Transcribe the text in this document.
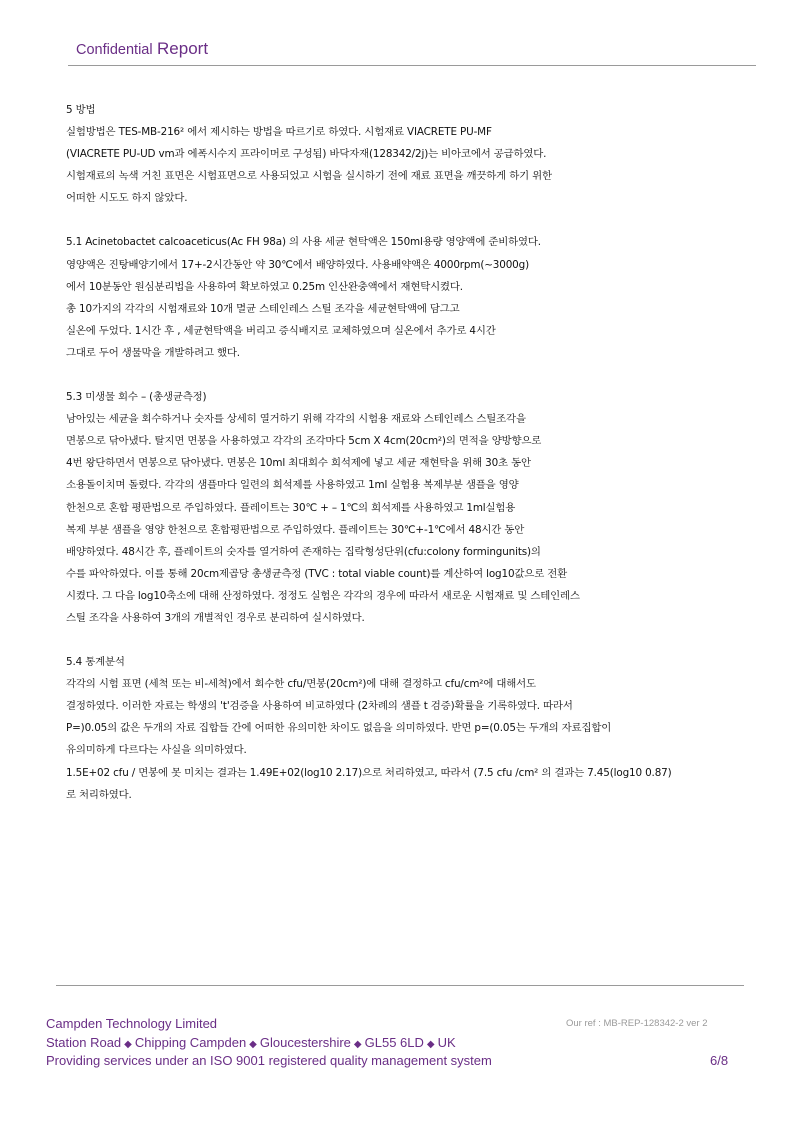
Confidential Report
5 방법
실험방법은 TES-MB-216² 에서 제시하는 방법을 따르기로 하였다. 시험재료 VIACRETE PU-MF
(VIACRETE PU-UD vm과 에폭시수지 프라이머로 구성됨) 바닥자재(128342/2j)는 비아코에서 공급하였다.
시험재료의 녹색 거친 표면은 시험표면으로 사용되었고 시험을 실시하기 전에 재료 표면을 깨끗하게 하기 위한
어떠한 시도도 하지 않았다.
5.1 Acinetobactet calcoaceticus(Ac FH 98a) 의 사용 세균 현탁액은 150ml용량 영양액에 준비하였다.
영양액은 진탕배양기에서 17+-2시간동안 약 30℃에서 배양하였다. 사용배약액은 4000rpm(~3000g)
에서 10분동안 원심분리법을 사용하여 확보하였고 0.25m 인산완충액에서 재현탁시켰다.
총 10가지의 각각의 시험재료와 10개 멸균 스테인레스 스틸 조각을 세균현탁액에 담그고
실온에 두었다. 1시간 후 , 세균현탁액을 버리고 증식배지로 교체하였으며 실온에서 추가로 4시간
그대로 두어 생물막을 개발하려고 했다.
5.3 미생물 회수 – (총생균측정)
남아있는 세균을 회수하거나 숫자를 상세히 열거하기 위해 각각의 시험용 재료와 스테인레스 스틸조각을
면봉으로 닦아냈다. 탈지면 면봉을 사용하였고 각각의 조각마다 5cm X 4cm(20cm²)의 면적을 양방향으로
4번 왕단하면서 면봉으로 닦아냈다. 면봉은 10ml 최대회수 희석제에 넣고 세균 재현탁을 위해 30초 동안
소용돌이치며 돌렸다. 각각의 샘플마다 일련의 희석제를 사용하였고 1ml 실험용 복제부분 샘플을 영양
한천으로 혼합 평판법으로 주입하였다. 플레이트는 30℃ + – 1℃의 희석제를 사용하였고 1ml실험용
복제 부분 샘플을 영양 한천으로 혼합평판법으로 주입하였다. 플레이트는 30℃+-1℃에서 48시간 동안
배양하였다. 48시간 후, 플레이트의 숫자를 열거하여 존재하는 집락형성단위(cfu:colony formingunits)의
수를 파악하였다. 이를 통해 20cm제곱당 총생균측정 (TVC : total viable count)를 계산하여 log10값으로 전환
시켰다. 그 다음 log10축소에 대해 산정하였다. 정정도 실험은 각각의 경우에 따라서 새로운 시험재료 및 스테인레스
스틸 조각을 사용하여 3개의 개별적인 경우로 분리하여 실시하였다.
5.4 통계분석
각각의 시험 표면 (세척 또는 비-세척)에서 회수한 cfu/면봉(20cm²)에 대해 결정하고 cfu/cm²에 대해서도
결정하였다. 이러한 자료는 학생의 't'검증을 사용하여 비교하였다 (2차례의 샘플 t 검증)확률을 기록하였다. 따라서
P=)0.05의 값은 두개의 자료 집합들 간에 어떠한 유의미한 차이도 없음을 의미하였다. 반면 p=(0.05는 두개의 자료집합이
유의미하게 다르다는 사실을 의미하였다.
1.5E+02 cfu / 면봉에 못 미치는 결과는 1.49E+02(log10 2.17)으로 처리하였고, 따라서 (7.5 cfu /cm² 의 결과는 7.45(log10 0.87)
로 처리하였다.
Campden Technology Limited	Our ref : MB-REP-128342-2 ver 2
Station Road ◆ Chipping Campden ◆ Gloucestershire ◆ GL55 6LD ◆ UK
Providing services under an ISO 9001 registered quality management system	6/8
